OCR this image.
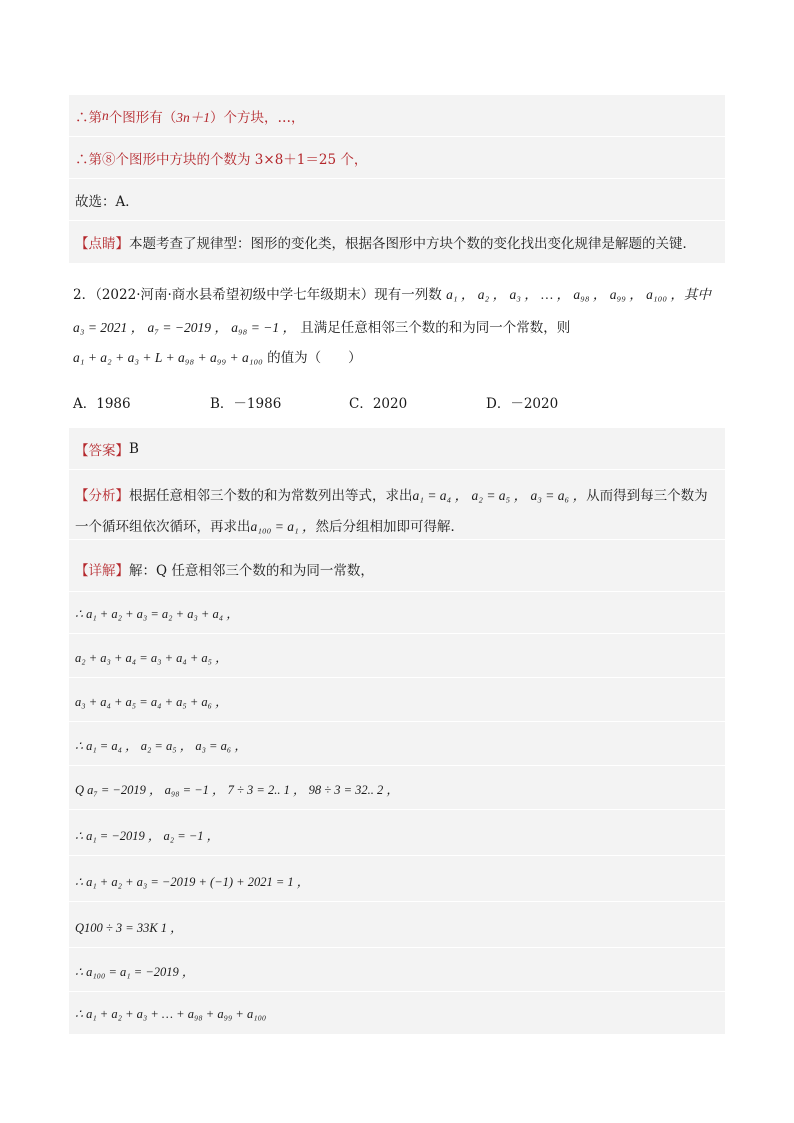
∴第 n 个图形有（ 3n＋1 ）个方块，…，
∴第⑧个图形中方块的个数为 3×8＋1＝25 个，
故选：A．
【点睛】 本题考查了规律型：图形的变化类，根据各图形中方块个数的变化找出变化规律是解题的关键．
2．（2022·河南·商水县希望初级中学七年级期末）现有一列数 a₁ ， a₂ ， a₃ ， … ， a₉₈ ， a₉₉ ， a₁₀₀ ，其中
a₃ = 2021 ， a₇ = −2019 ， a₉₈ = −1 ， 且满足任意相邻三个数的和为同一个常数，则
a₁ + a₂ + a₃ + L + a₉₈ + a₉₉ + a₁₀₀ 的值为（　　）
A．1986	B．－1986	C．2020	D．－2020
【答案】 B
【分析】 根据任意相邻三个数的和为常数列出等式，求出 a₁ = a₄ ， a₂ = a₅ ， a₃ = a₆ ， 从而得到每三个数为
一个循环组依次循环，再求出 a₁₀₀ = a₁ ， 然后分组相加即可得解．
【详解】 解：Q 任意相邻三个数的和为同一常数，
∴ a₁ + a₂ + a₃ = a₂ + a₃ + a₄ ，
a₂ + a₃ + a₄ = a₃ + a₄ + a₅ ，
a₃ + a₄ + a₅ = a₄ + a₅ + a₆ ，
∴ a₁ = a₄ ， a₂ = a₅ ， a₃ = a₆ ，
Q a₇ = −2019 ， a₉₈ = −1 ， 7 ÷ 3 = 2.. 1 ， 98 ÷ 3 = 32.. 2 ，
∴ a₁ = −2019 ， a₂ = −1 ，
∴ a₁ + a₂ + a₃ = −2019 + (−1) + 2021 = 1 ，
Q100 ÷ 3 = 33K 1 ，
∴ a₁₀₀ = a₁ = −2019 ，
∴ a₁ + a₂ + a₃ + … + a₉₈ + a₉₉ + a₁₀₀
